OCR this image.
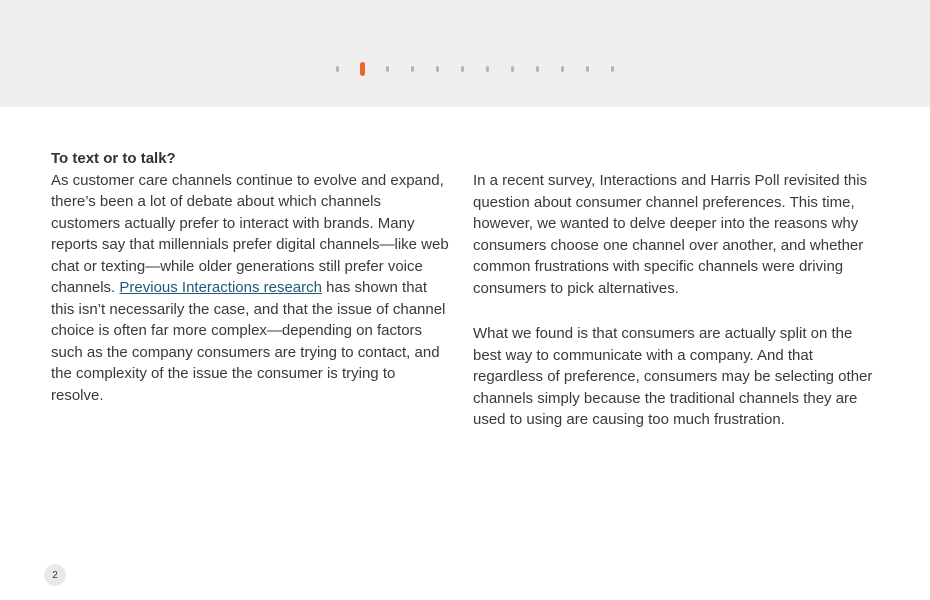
To text or to talk?

As customer care channels continue to evolve and expand, there’s been a lot of debate about which channels customers actually prefer to interact with brands. Many reports say that millennials prefer digital channels—like web chat or texting—while older generations still prefer voice channels. Previous Interactions research has shown that this isn’t necessarily the case, and that the issue of channel choice is often far more complex—depending on factors such as the company consumers are trying to contact, and the complexity of the issue the consumer is trying to resolve.

In a recent survey, Interactions and Harris Poll revisited this question about consumer channel preferences. This time, however, we wanted to delve deeper into the reasons why consumers choose one channel over another, and whether common frustrations with specific channels were driving consumers to pick alternatives.

What we found is that consumers are actually split on the best way to communicate with a company. And that regardless of preference, consumers may be selecting other channels simply because the traditional channels they are used to using are causing too much frustration.

2
